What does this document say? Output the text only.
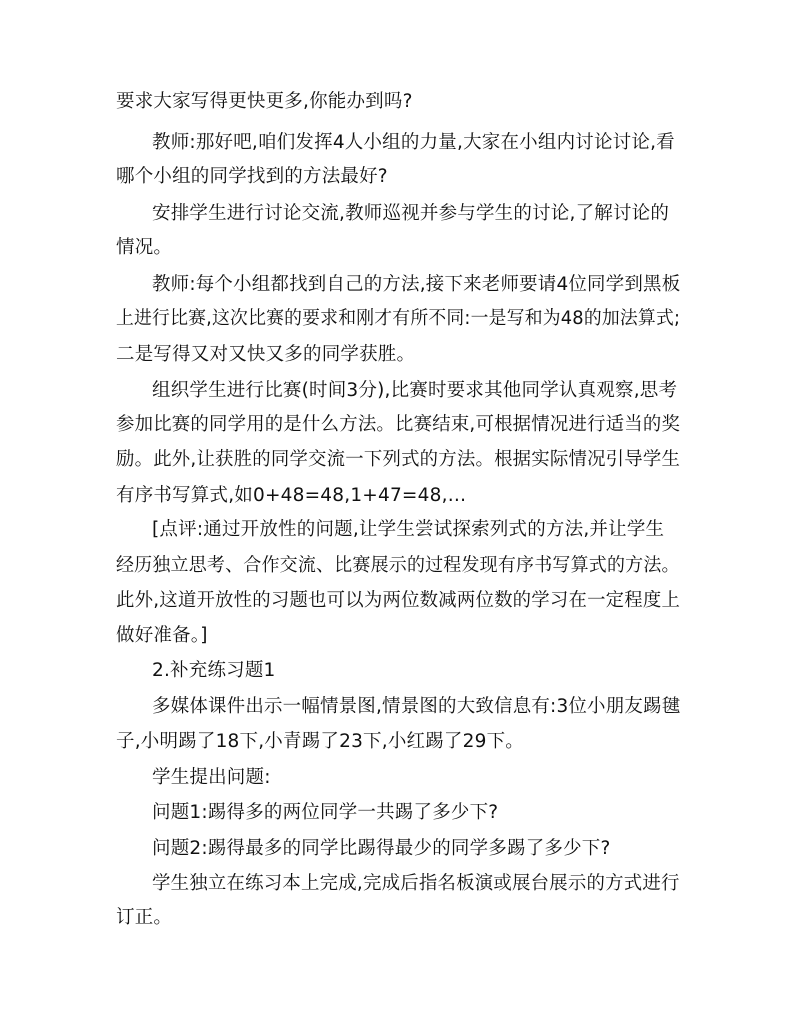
要求大家写得更快更多,你能办到吗?
教师:那好吧,咱们发挥4人小组的力量,大家在小组内讨论讨论,看
哪个小组的同学找到的方法最好?
安排学生进行讨论交流,教师巡视并参与学生的讨论,了解讨论的
情况。
教师:每个小组都找到自己的方法,接下来老师要请4位同学到黑板
上进行比赛,这次比赛的要求和刚才有所不同:一是写和为48的加法算式;
二是写得又对又快又多的同学获胜。
组织学生进行比赛(时间3分),比赛时要求其他同学认真观察,思考
参加比赛的同学用的是什么方法。比赛结束,可根据情况进行适当的奖
励。此外,让获胜的同学交流一下列式的方法。根据实际情况引导学生
有序书写算式,如0+48=48,1+47=48,…
[点评:通过开放性的问题,让学生尝试探索列式的方法,并让学生
经历独立思考、合作交流、比赛展示的过程发现有序书写算式的方法。
此外,这道开放性的习题也可以为两位数减两位数的学习在一定程度上
做好准备。]
2.补充练习题1
多媒体课件出示一幅情景图,情景图的大致信息有:3位小朋友踢毽
子,小明踢了18下,小青踢了23下,小红踢了29下。
学生提出问题:
问题1:踢得多的两位同学一共踢了多少下?
问题2:踢得最多的同学比踢得最少的同学多踢了多少下?
学生独立在练习本上完成,完成后指名板演或展台展示的方式进行
订正。
